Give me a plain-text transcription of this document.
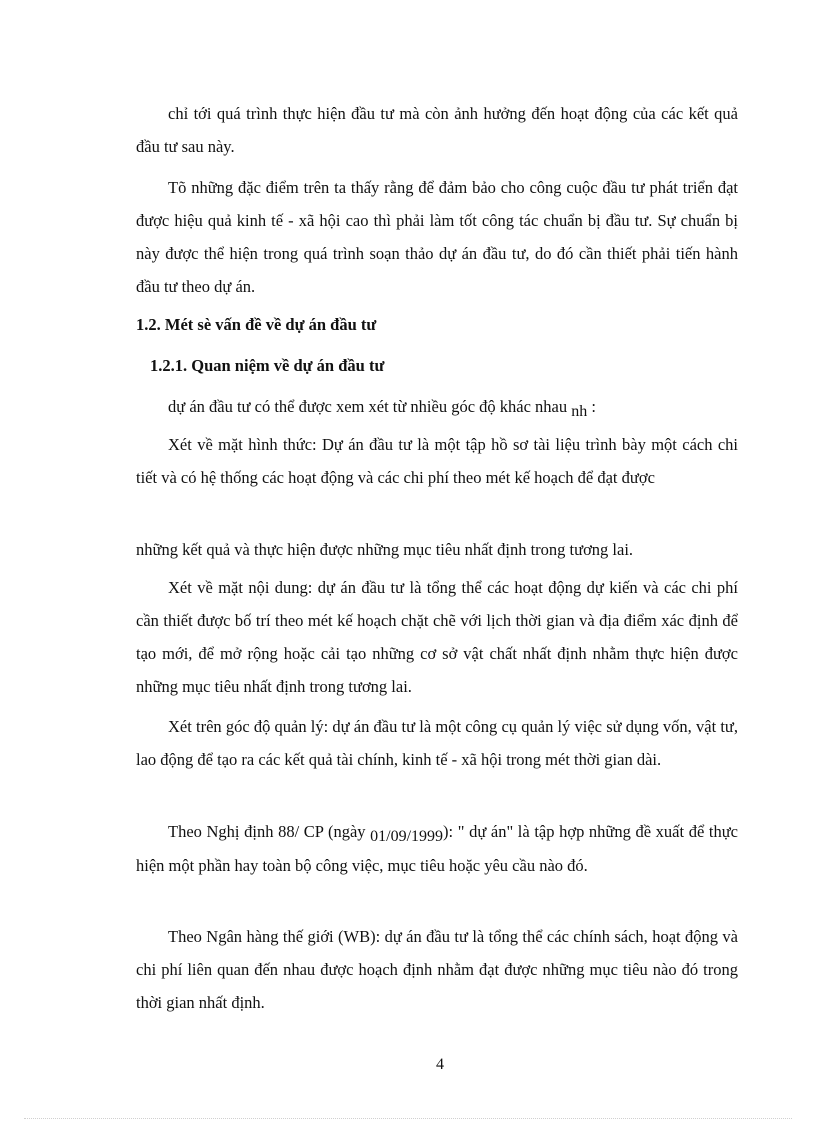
chỉ tới quá trình thực hiện đầu tư mà còn ảnh hưởng đến hoạt động của các kết quả đầu tư sau này.

Tõ những đặc điểm trên ta thấy rằng để đảm bảo cho công cuộc đầu tư phát triển đạt được hiệu quả kinh tế - xã hội cao thì phải làm tốt công tác chuẩn bị đầu tư. Sự chuẩn bị này được thể hiện trong quá trình soạn thảo dự án đầu tư, do đó cần thiết phải tiến hành đầu tư theo dự án.

1.2. Mét sè vấn đề về dự án đầu tư

1.2.1. Quan niệm về dự án đầu tư

dự án đầu tư có thể được xem xét từ nhiều góc độ khác nhau nh :

Xét về mặt hình thức: Dự án đầu tư là một tập hồ sơ tài liệu trình bày một cách chi tiết và có hệ thống các hoạt động và các chi phí theo mét kế hoạch để đạt được

những kết quả và thực hiện được những mục tiêu nhất định trong tương lai.

Xét về mặt nội dung: dự án đầu tư là tổng thể các hoạt động dự kiến và các chi phí cần thiết được bố trí theo mét kế hoạch chặt chẽ với lịch thời gian và địa điểm xác định để tạo mới, để mở rộng hoặc cải tạo những cơ sở vật chất nhất định nhằm thực hiện được những mục tiêu nhất định trong tương lai.

Xét trên góc độ quản lý: dự án đầu tư là một công cụ quản lý việc sử dụng vốn, vật tư, lao động để tạo ra các kết quả tài chính, kinh tế - xã hội trong mét thời gian dài.

Theo Nghị định 88/ CP (ngày 01/09/1999): " dự án" là tập hợp những đề xuất để thực hiện một phần hay toàn bộ công việc, mục tiêu hoặc yêu cầu nào đó.

Theo Ngân hàng thế giới (WB): dự án đầu tư là tổng thể các chính sách, hoạt động và chi phí liên quan đến nhau được hoạch định nhằm đạt được những mục tiêu nào đó trong thời gian nhất định.

4
